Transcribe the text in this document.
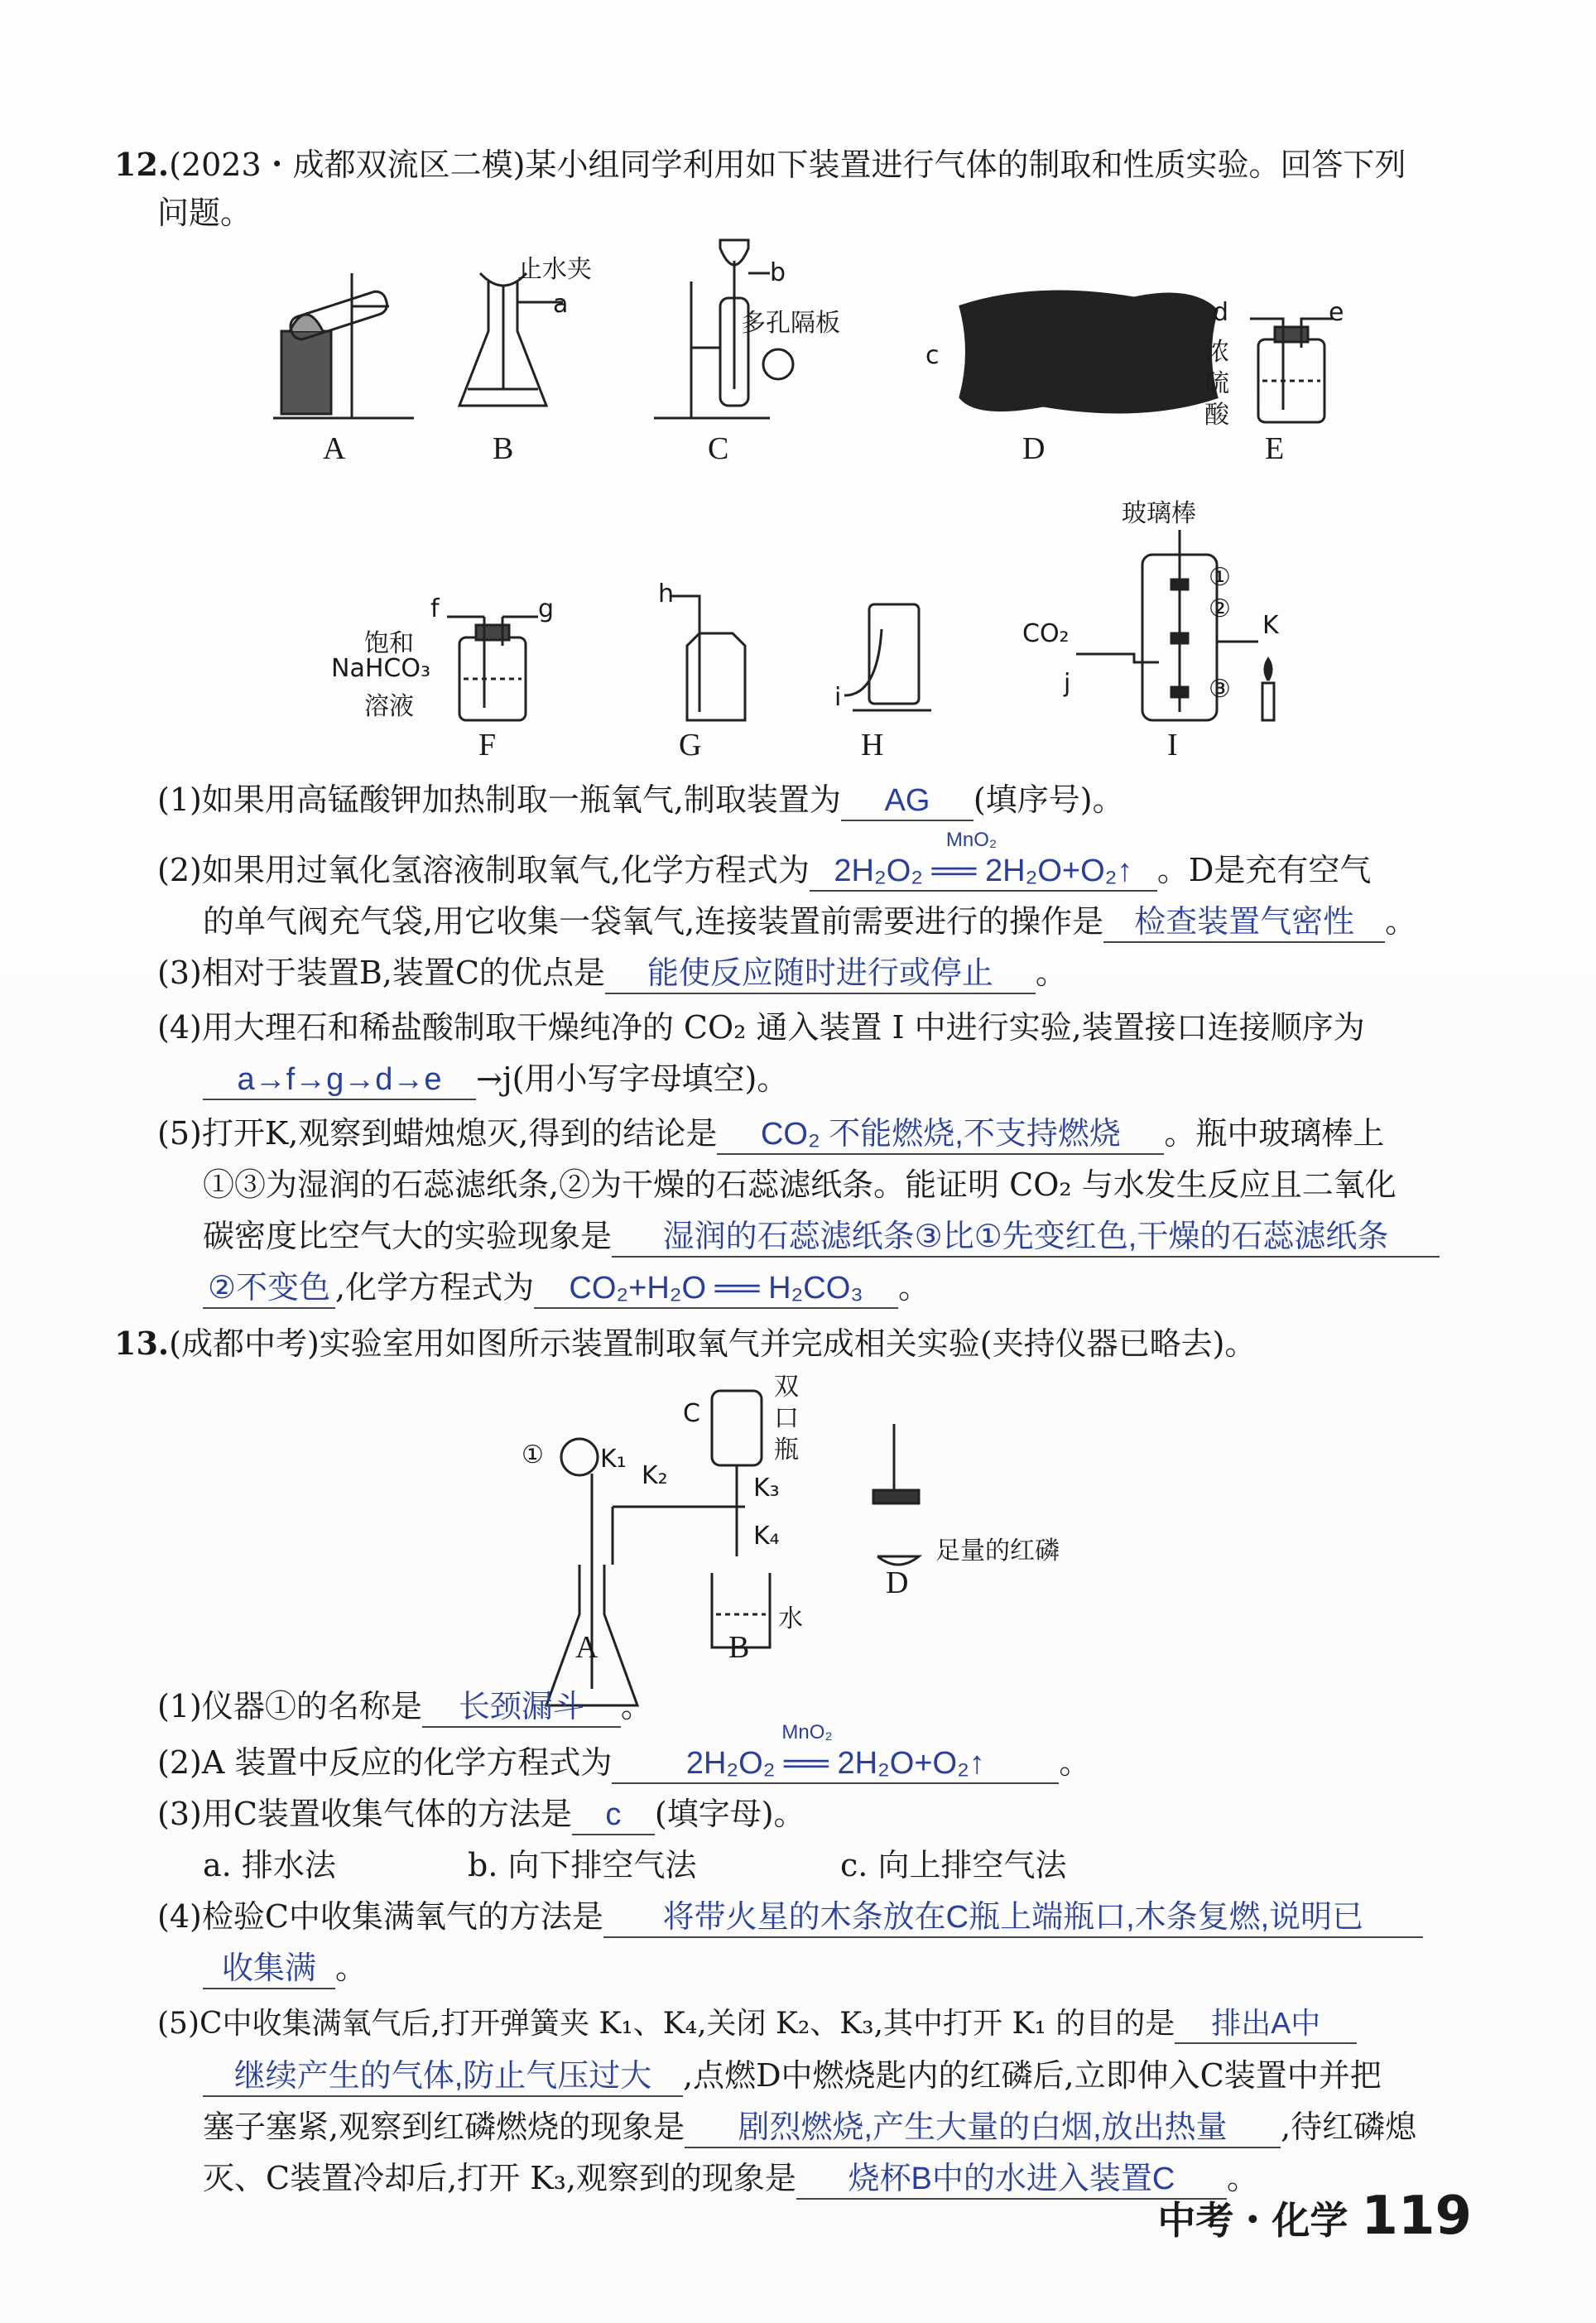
12.(2023・成都双流区二模)某小组同学利用如下装置进行气体的制取和性质实验。回答下列
问题。
A	B	C	D	E
止水夹
a
b
多孔隔板
c
d	e
浓
硫
酸
F	G	H	I
f	g
饱和
NaHCO₃
溶液
h
i
玻璃棒
CO₂
j
K
①
②
③
(1)如果用高锰酸钾加热制取一瓶氧气,制取装置为 AG (填序号)。
(2)如果用过氧化氢溶液制取氧气,化学方程式为
MnO₂
2H₂O₂ ══ 2H₂O+O₂↑ 。D是充有空气
的单气阀充气袋,用它收集一袋氧气,连接装置前需要进行的操作是 检查装置气密性 。
(3)相对于装置B,装置C的优点是 能使反应随时进行或停止 。
(4)用大理石和稀盐酸制取干燥纯净的 CO₂ 通入装置 I 中进行实验,装置接口连接顺序为
a→f→g→d→e →j(用小写字母填空)。
(5)打开K,观察到蜡烛熄灭,得到的结论是 CO₂ 不能燃烧,不支持燃烧 。瓶中玻璃棒上
①③为湿润的石蕊滤纸条,②为干燥的石蕊滤纸条。能证明 CO₂ 与水发生反应且二氧化
碳密度比空气大的实验现象是 湿润的石蕊滤纸条③比①先变红色,干燥的石蕊滤纸条
②不变色 ,化学方程式为 CO₂+H₂O ══ H₂CO₃ 。
13.(成都中考)实验室用如图所示装置制取氧气并完成相关实验(夹持仪器已略去)。
① K₁
K₂	K₃
K₄
C
双
口
瓶
水
足量的红磷
A	B
D
(1)仪器①的名称是 长颈漏斗 。
(2)A 装置中反应的化学方程式为
MnO₂
2H₂O₂ ══ 2H₂O+O₂↑ 。
(3)用C装置收集气体的方法是 c (填字母)。
a. 排水法	b. 向下排空气法	c. 向上排空气法
(4)检验C中收集满氧气的方法是 将带火星的木条放在C瓶上端瓶口,木条复燃,说明已
收集满 。
(5)C中收集满氧气后,打开弹簧夹 K₁、K₄,关闭 K₂、K₃,其中打开 K₁ 的目的是 排出A中
继续产生的气体,防止气压过大 ,点燃D中燃烧匙内的红磷后,立即伸入C装置中并把
塞子塞紧,观察到红磷燃烧的现象是 剧烈燃烧,产生大量的白烟,放出热量 ,待红磷熄
灭、C装置冷却后,打开 K₃,观察到的现象是 烧杯B中的水进入装置C 。
中考・化学 119
